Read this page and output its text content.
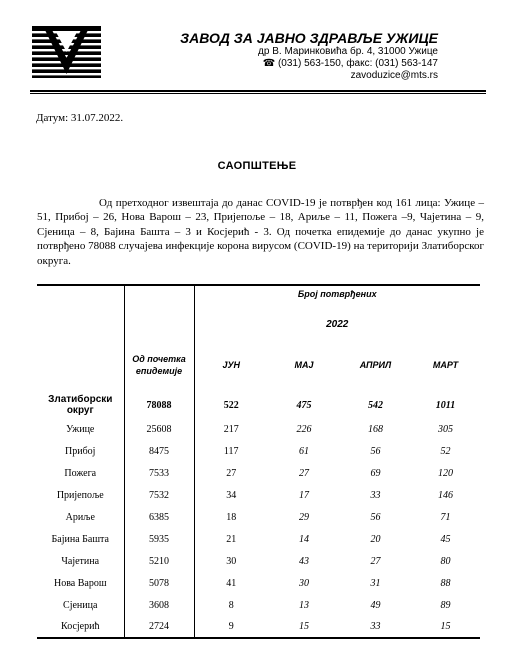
ЗАВОД ЗА ЈАВНО ЗДРАВЉЕ УЖИЦЕ
др В. Маринковића бр. 4, 31000 Ужице
☎ (031) 563-150, факс: (031) 563-147
zavoduzice@mts.rs
Датум: 31.07.2022.
САОПШТЕЊЕ
Од претходног извештаја до данас COVID-19 је потврђен код 161 лица: Ужице – 51, Прибој – 26, Нова Варош – 23, Пријепоље – 18, Ариље – 11, Пожега –9, Чајетина – 9, Сјеница – 8, Бајина Башта – 3 и Косјерић - 3. Од почетка епидемије до данас укупно је потврђено 78088 случајева инфекције корона вирусом (COVID-19) на територији Златиборског округа.
		Број потврђених			
		2022			
	Од почетка епидемије	ЈУН	МАЈ	АПРИЛ	МАРТ
Златиборски округ	78088	522	475	542	1011
Ужице	25608	217	226	168	305
Прибој	8475	117	61	56	52
Пожега	7533	27	27	69	120
Пријепоље	7532	34	17	33	146
Ариље	6385	18	29	56	71
Бајина Башта	5935	21	14	20	45
Чајетина	5210	30	43	27	80
Нова Варош	5078	41	30	31	88
Сјеница	3608	8	13	49	89
Косјерић	2724	9	15	33	15
